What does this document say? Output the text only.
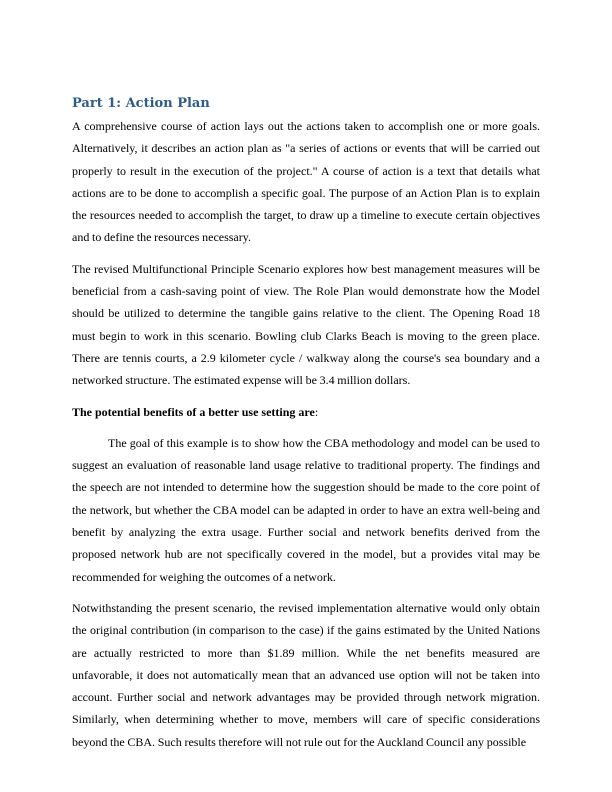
Part 1: Action Plan

A comprehensive course of action lays out the actions taken to accomplish one or more goals. Alternatively, it describes an action plan as "a series of actions or events that will be carried out properly to result in the execution of the project." A course of action is a text that details what actions are to be done to accomplish a specific goal. The purpose of an Action Plan is to explain the resources needed to accomplish the target, to draw up a timeline to execute certain objectives and to define the resources necessary.

The revised Multifunctional Principle Scenario explores how best management measures will be beneficial from a cash-saving point of view. The Role Plan would demonstrate how the Model should be utilized to determine the tangible gains relative to the client. The Opening Road 18 must begin to work in this scenario. Bowling club Clarks Beach is moving to the green place. There are tennis courts, a 2.9 kilometer cycle / walkway along the course's sea boundary and a networked structure. The estimated expense will be 3.4 million dollars.

The potential benefits of a better use setting are:

The goal of this example is to show how the CBA methodology and model can be used to suggest an evaluation of reasonable land usage relative to traditional property. The findings and the speech are not intended to determine how the suggestion should be made to the core point of the network, but whether the CBA model can be adapted in order to have an extra well-being and benefit by analyzing the extra usage. Further social and network benefits derived from the proposed network hub are not specifically covered in the model, but a provides vital may be recommended for weighing the outcomes of a network.

Notwithstanding the present scenario, the revised implementation alternative would only obtain the original contribution (in comparison to the case) if the gains estimated by the United Nations are actually restricted to more than $1.89 million. While the net benefits measured are unfavorable, it does not automatically mean that an advanced use option will not be taken into account. Further social and network advantages may be provided through network migration. Similarly, when determining whether to move, members will care of specific considerations beyond the CBA. Such results therefore will not rule out for the Auckland Council any possible
